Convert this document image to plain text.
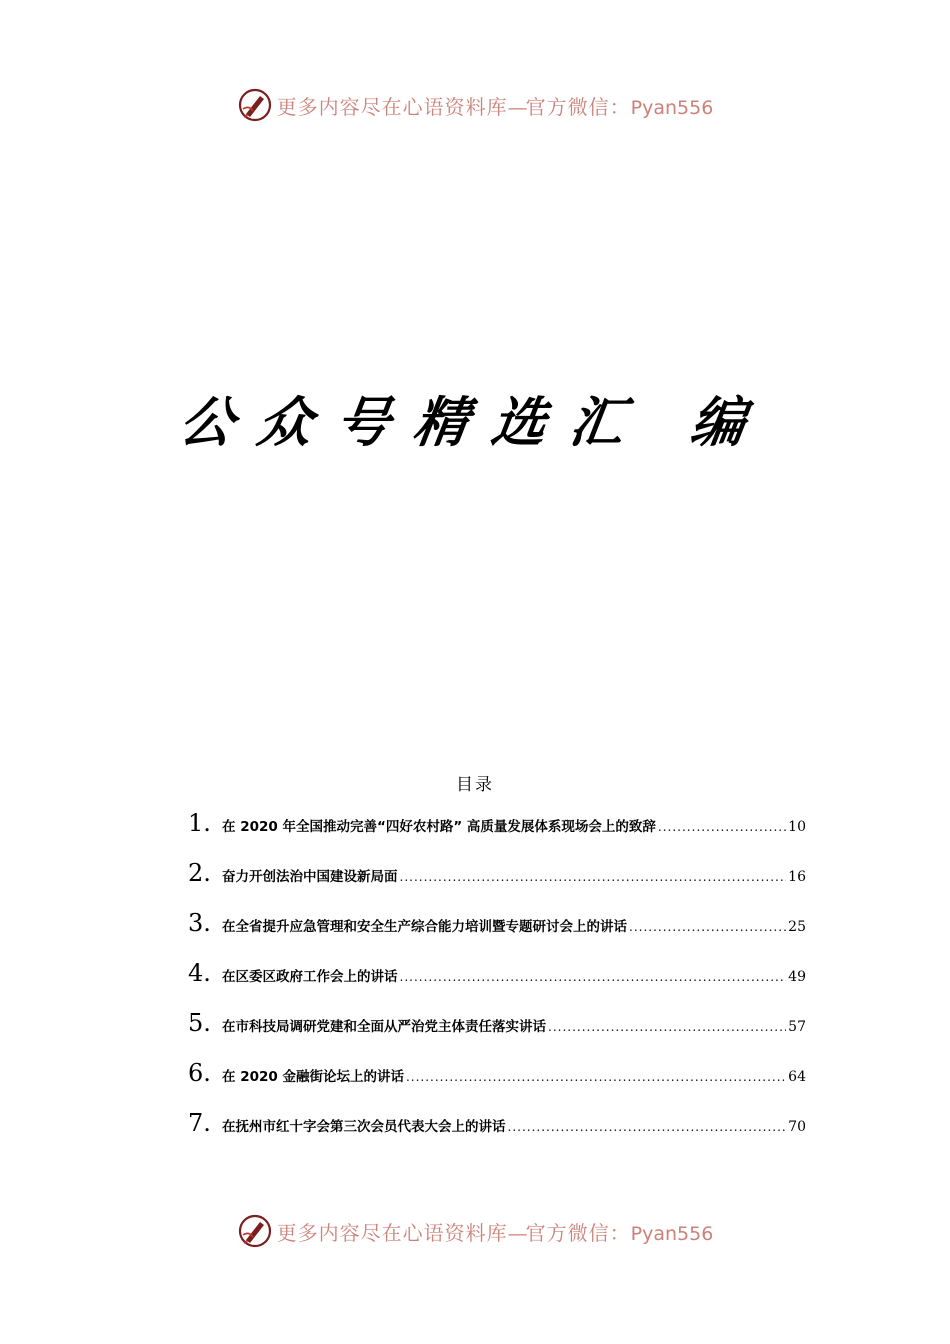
更多内容尽在心语资料库—官方微信：Pyan556
公众号精选汇 编
目录
1. 在 2020 年全国推动完善“四好农村路” 高质量发展体系现场会上的致辞 .....	10
2. 奋力开创法治中国建设新局面 .....	16
3. 在全省提升应急管理和安全生产综合能力培训暨专题研讨会上的讲话 .....	25
4. 在区委区政府工作会上的讲话 .....	49
5. 在市科技局调研党建和全面从严治党主体责任落实讲话 .....	57
6. 在 2020 金融街论坛上的讲话 .....	64
7. 在抚州市红十字会第三次会员代表大会上的讲话 .....	70
更多内容尽在心语资料库—官方微信：Pyan556
